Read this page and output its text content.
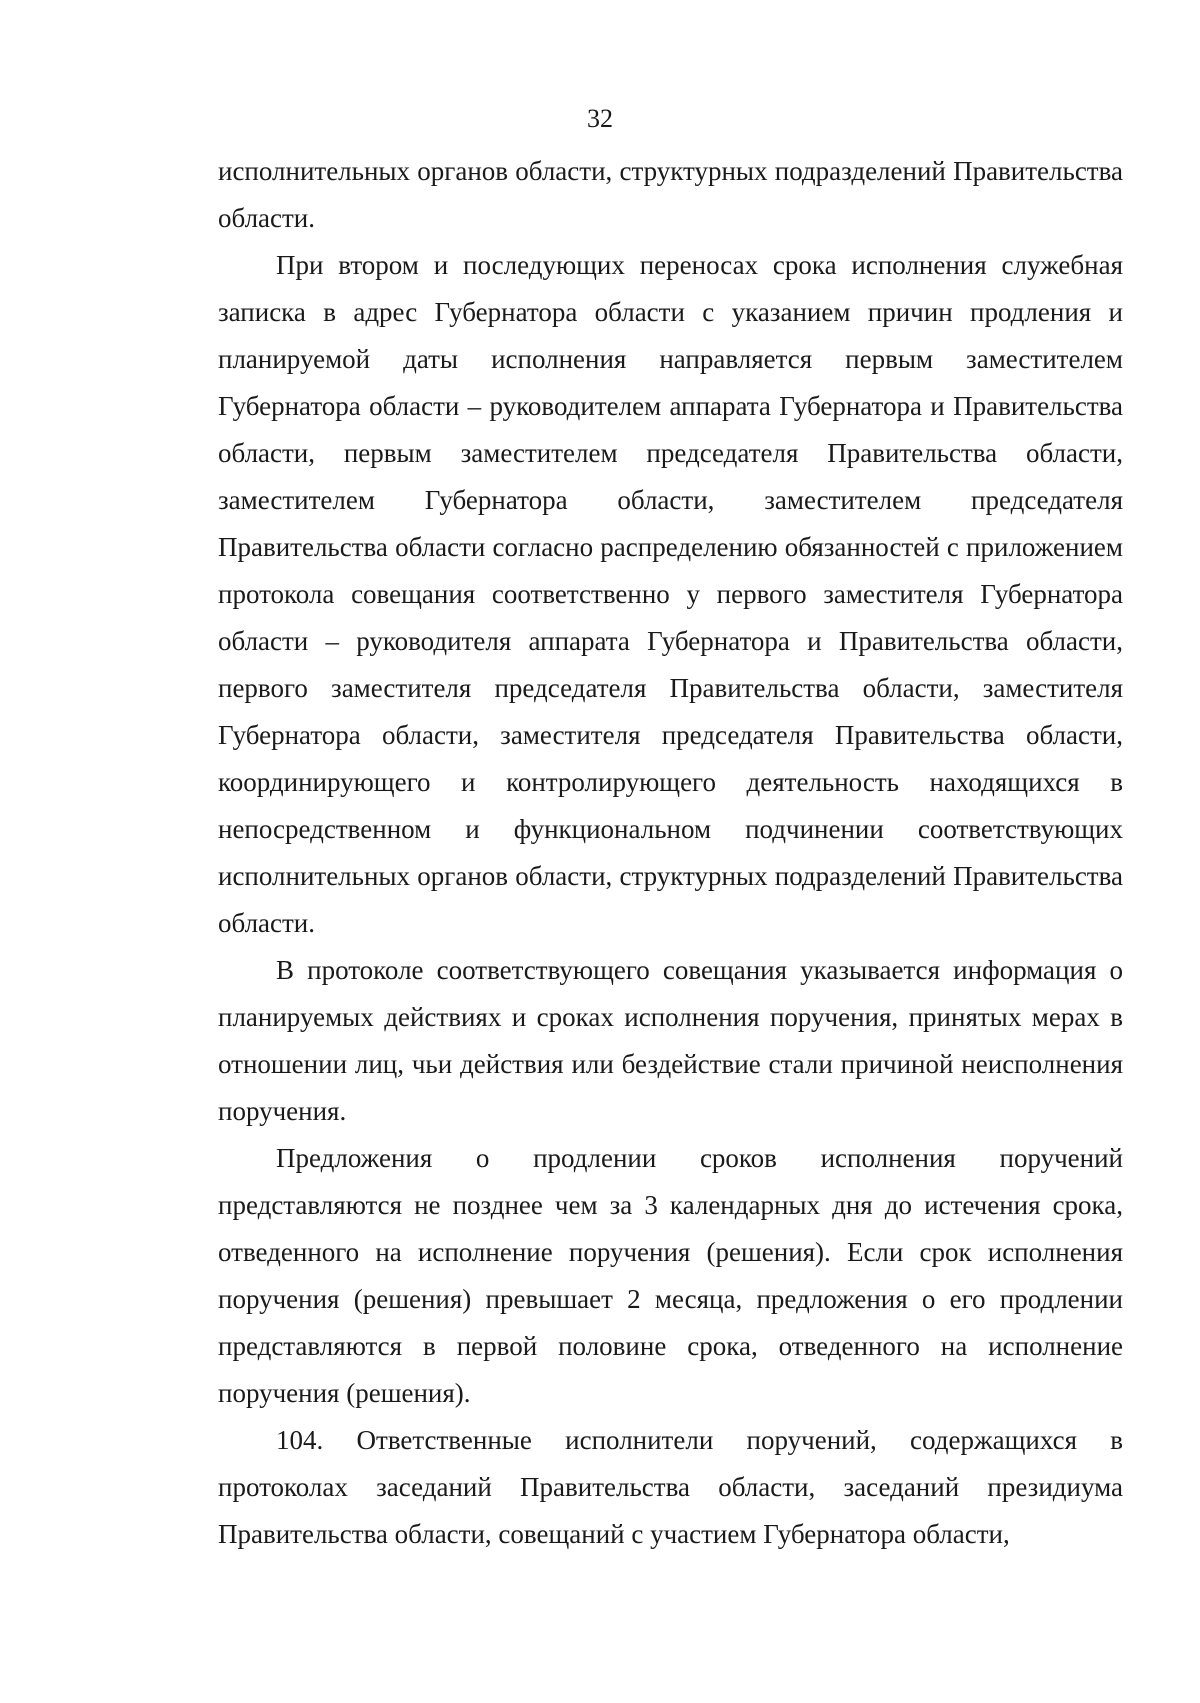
32

исполнительных органов области, структурных подразделений Правительства области.

При втором и последующих переносах срока исполнения служебная записка в адрес Губернатора области с указанием причин продления и планируемой даты исполнения направляется первым заместителем Губернатора области – руководителем аппарата Губернатора и Правительства области, первым заместителем председателя Правительства области, заместителем Губернатора области, заместителем председателя Правительства области согласно распределению обязанностей с приложением протокола совещания соответственно у первого заместителя Губернатора области – руководителя аппарата Губернатора и Правительства области, первого заместителя председателя Правительства области, заместителя Губернатора области, заместителя председателя Правительства области, координирующего и контролирующего деятельность находящихся в непосредственном и функциональном подчинении соответствующих исполнительных органов области, структурных подразделений Правительства области.

В протоколе соответствующего совещания указывается информация о планируемых действиях и сроках исполнения поручения, принятых мерах в отношении лиц, чьи действия или бездействие стали причиной неисполнения поручения.

Предложения о продлении сроков исполнения поручений представляются не позднее чем за 3 календарных дня до истечения срока, отведенного на исполнение поручения (решения). Если срок исполнения поручения (решения) превышает 2 месяца, предложения о его продлении представляются в первой половине срока, отведенного на исполнение поручения (решения).

104. Ответственные исполнители поручений, содержащихся в протоколах заседаний Правительства области, заседаний президиума Правительства области, совещаний с участием Губернатора области,
